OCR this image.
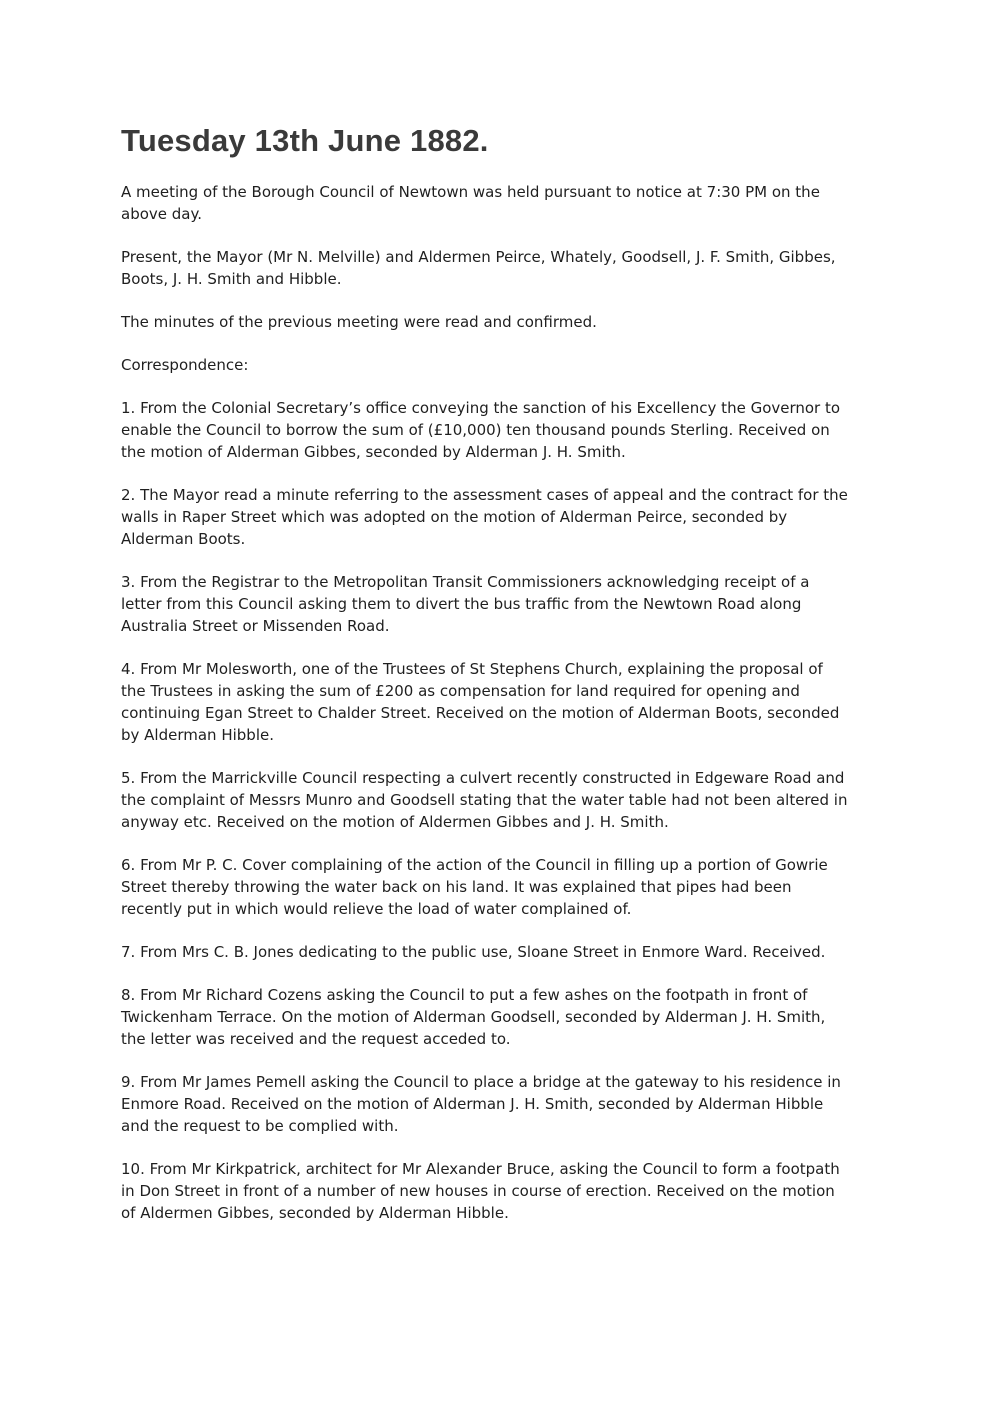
Tuesday 13th June 1882.

A meeting of the Borough Council of Newtown was held pursuant to notice at 7:30 PM on the
above day.

Present, the Mayor (Mr N. Melville) and Aldermen Peirce, Whately, Goodsell, J. F. Smith, Gibbes,
Boots, J. H. Smith and Hibble.

The minutes of the previous meeting were read and confirmed.

Correspondence:

1. From the Colonial Secretary’s office conveying the sanction of his Excellency the Governor to
enable the Council to borrow the sum of (£10,000) ten thousand pounds Sterling. Received on
the motion of Alderman Gibbes, seconded by Alderman J. H. Smith.

2. The Mayor read a minute referring to the assessment cases of appeal and the contract for the
walls in Raper Street which was adopted on the motion of Alderman Peirce, seconded by
Alderman Boots.

3. From the Registrar to the Metropolitan Transit Commissioners acknowledging receipt of a
letter from this Council asking them to divert the bus traffic from the Newtown Road along
Australia Street or Missenden Road.

4. From Mr Molesworth, one of the Trustees of St Stephens Church, explaining the proposal of
the Trustees in asking the sum of £200 as compensation for land required for opening and
continuing Egan Street to Chalder Street. Received on the motion of Alderman Boots, seconded
by Alderman Hibble.

5. From the Marrickville Council respecting a culvert recently constructed in Edgeware Road and
the complaint of Messrs Munro and Goodsell stating that the water table had not been altered in
anyway etc. Received on the motion of Aldermen Gibbes and J. H. Smith.

6. From Mr P. C. Cover complaining of the action of the Council in filling up a portion of Gowrie
Street thereby throwing the water back on his land. It was explained that pipes had been
recently put in which would relieve the load of water complained of.

7. From Mrs C. B. Jones dedicating to the public use, Sloane Street in Enmore Ward. Received.

8. From Mr Richard Cozens asking the Council to put a few ashes on the footpath in front of
Twickenham Terrace. On the motion of Alderman Goodsell, seconded by Alderman J. H. Smith,
the letter was received and the request acceded to.

9. From Mr James Pemell asking the Council to place a bridge at the gateway to his residence in
Enmore Road. Received on the motion of Alderman J. H. Smith, seconded by Alderman Hibble
and the request to be complied with.

10. From Mr Kirkpatrick, architect for Mr Alexander Bruce, asking the Council to form a footpath
in Don Street in front of a number of new houses in course of erection. Received on the motion
of Aldermen Gibbes, seconded by Alderman Hibble.
